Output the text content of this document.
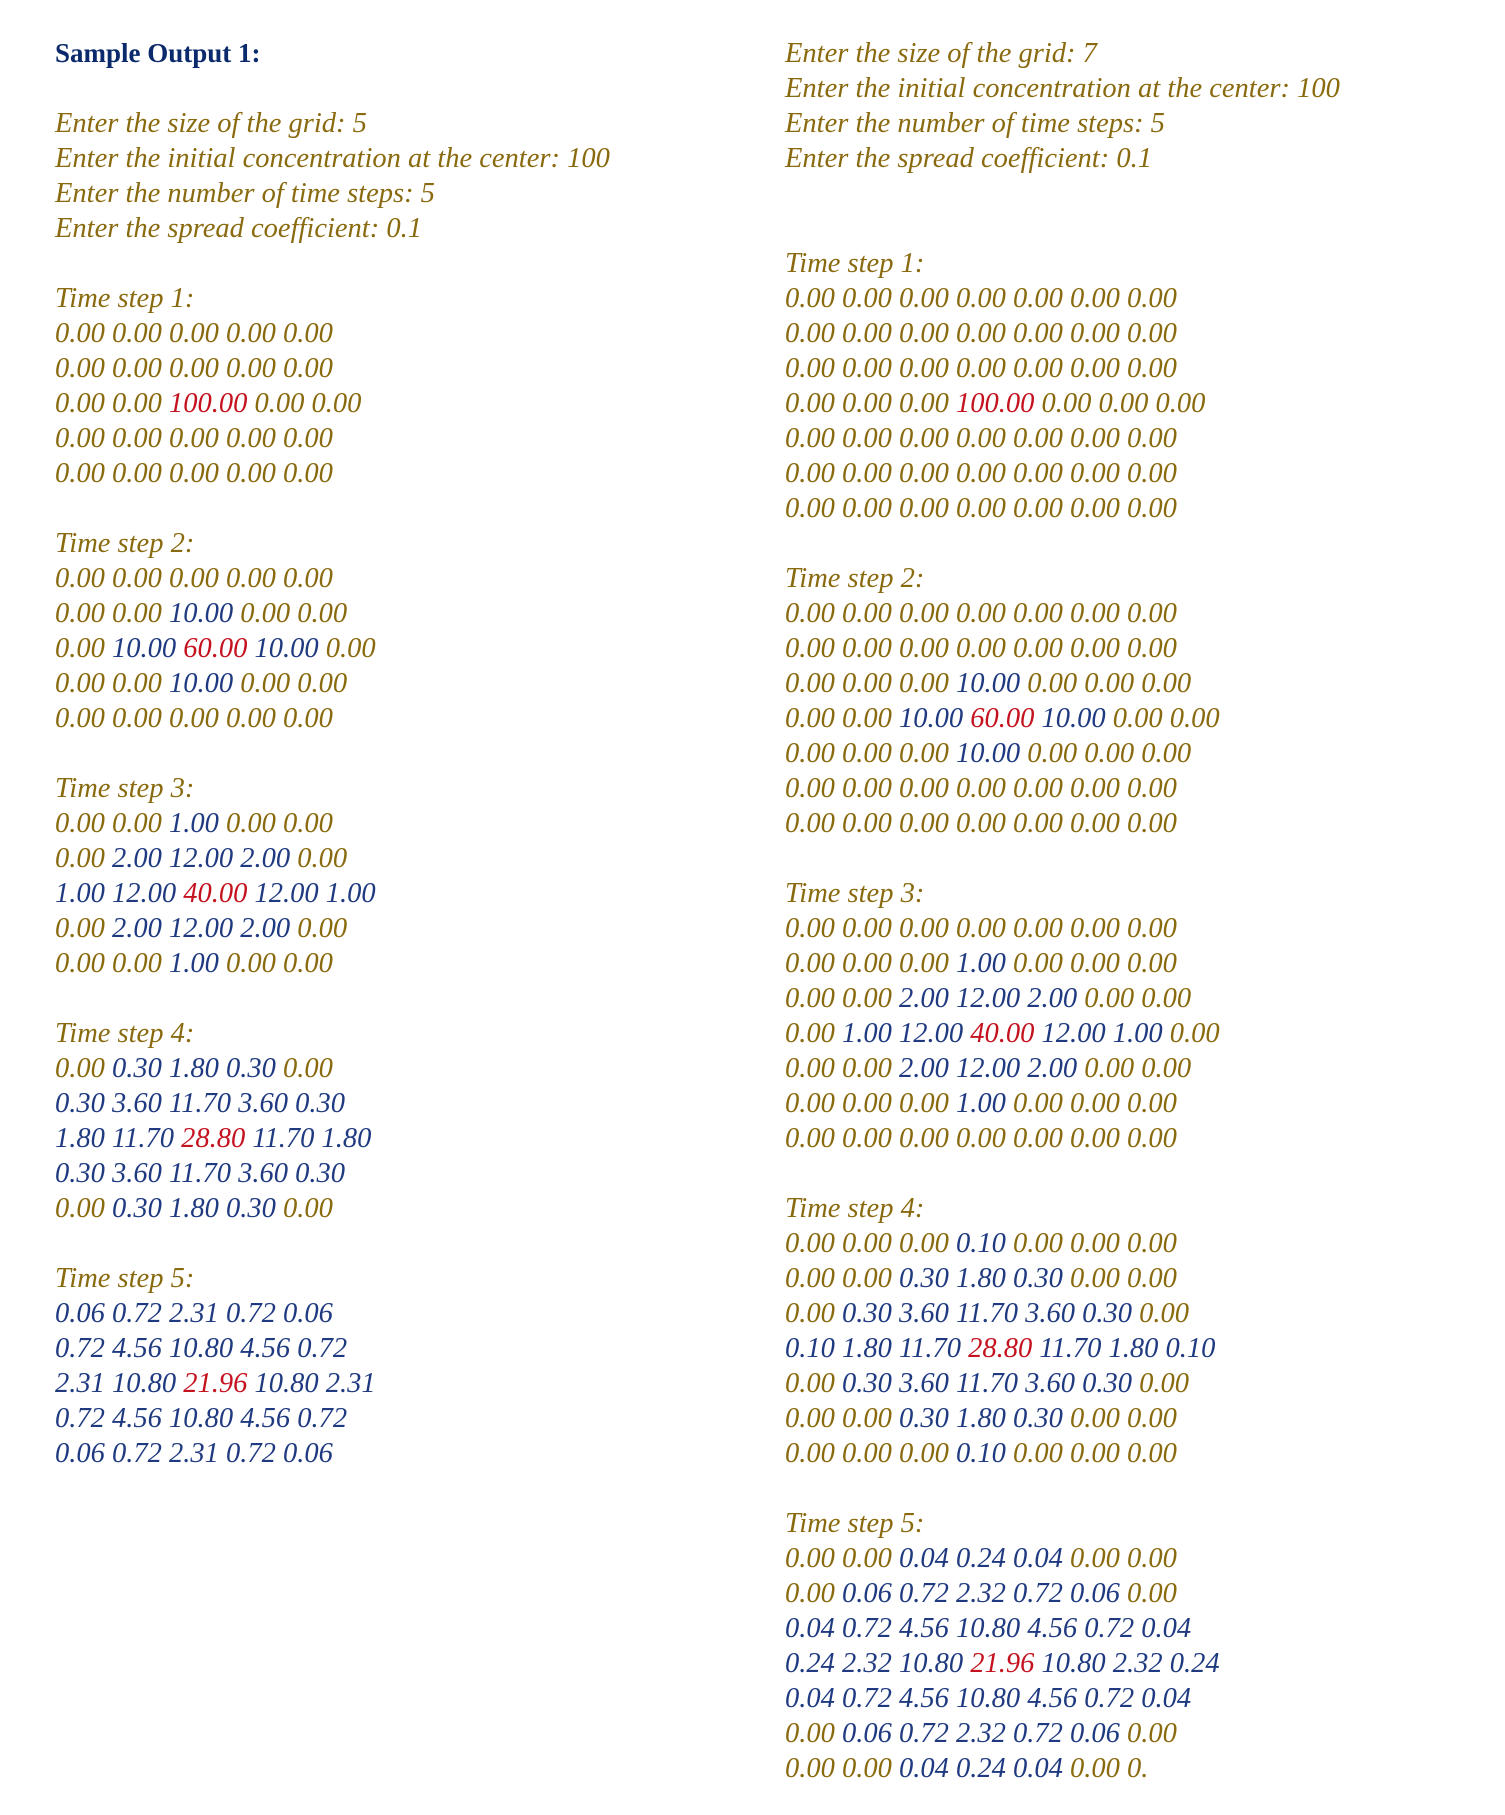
Sample Output 1:
Enter the size of the grid: 5
Enter the initial concentration at the center: 100
Enter the number of time steps: 5
Enter the spread coefficient: 0.1
Time step 1:
0.00 0.00 0.00 0.00 0.00
0.00 0.00 0.00 0.00 0.00
0.00 0.00 100.00 0.00 0.00
0.00 0.00 0.00 0.00 0.00
0.00 0.00 0.00 0.00 0.00
Time step 2:
0.00 0.00 0.00 0.00 0.00
0.00 0.00 10.00 0.00 0.00
0.00 10.00 60.00 10.00 0.00
0.00 0.00 10.00 0.00 0.00
0.00 0.00 0.00 0.00 0.00
Time step 3:
0.00 0.00 1.00 0.00 0.00
0.00 2.00 12.00 2.00 0.00
1.00 12.00 40.00 12.00 1.00
0.00 2.00 12.00 2.00 0.00
0.00 0.00 1.00 0.00 0.00
Time step 4:
0.00 0.30 1.80 0.30 0.00
0.30 3.60 11.70 3.60 0.30
1.80 11.70 28.80 11.70 1.80
0.30 3.60 11.70 3.60 0.30
0.00 0.30 1.80 0.30 0.00
Time step 5:
0.06 0.72 2.31 0.72 0.06
0.72 4.56 10.80 4.56 0.72
2.31 10.80 21.96 10.80 2.31
0.72 4.56 10.80 4.56 0.72
0.06 0.72 2.31 0.72 0.06
Enter the size of the grid: 7
Enter the initial concentration at the center: 100
Enter the number of time steps: 5
Enter the spread coefficient: 0.1
Time step 1:
0.00 0.00 0.00 0.00 0.00 0.00 0.00
0.00 0.00 0.00 0.00 0.00 0.00 0.00
0.00 0.00 0.00 0.00 0.00 0.00 0.00
0.00 0.00 0.00 100.00 0.00 0.00 0.00
0.00 0.00 0.00 0.00 0.00 0.00 0.00
0.00 0.00 0.00 0.00 0.00 0.00 0.00
0.00 0.00 0.00 0.00 0.00 0.00 0.00
Time step 2:
0.00 0.00 0.00 0.00 0.00 0.00 0.00
0.00 0.00 0.00 0.00 0.00 0.00 0.00
0.00 0.00 0.00 10.00 0.00 0.00 0.00
0.00 0.00 10.00 60.00 10.00 0.00 0.00
0.00 0.00 0.00 10.00 0.00 0.00 0.00
0.00 0.00 0.00 0.00 0.00 0.00 0.00
0.00 0.00 0.00 0.00 0.00 0.00 0.00
Time step 3:
0.00 0.00 0.00 0.00 0.00 0.00 0.00
0.00 0.00 0.00 1.00 0.00 0.00 0.00
0.00 0.00 2.00 12.00 2.00 0.00 0.00
0.00 1.00 12.00 40.00 12.00 1.00 0.00
0.00 0.00 2.00 12.00 2.00 0.00 0.00
0.00 0.00 0.00 1.00 0.00 0.00 0.00
0.00 0.00 0.00 0.00 0.00 0.00 0.00
Time step 4:
0.00 0.00 0.00 0.10 0.00 0.00 0.00
0.00 0.00 0.30 1.80 0.30 0.00 0.00
0.00 0.30 3.60 11.70 3.60 0.30 0.00
0.10 1.80 11.70 28.80 11.70 1.80 0.10
0.00 0.30 3.60 11.70 3.60 0.30 0.00
0.00 0.00 0.30 1.80 0.30 0.00 0.00
0.00 0.00 0.00 0.10 0.00 0.00 0.00
Time step 5:
0.00 0.00 0.04 0.24 0.04 0.00 0.00
0.00 0.06 0.72 2.32 0.72 0.06 0.00
0.04 0.72 4.56 10.80 4.56 0.72 0.04
0.24 2.32 10.80 21.96 10.80 2.32 0.24
0.04 0.72 4.56 10.80 4.56 0.72 0.04
0.00 0.06 0.72 2.32 0.72 0.06 0.00
0.00 0.00 0.04 0.24 0.04 0.00 0.
